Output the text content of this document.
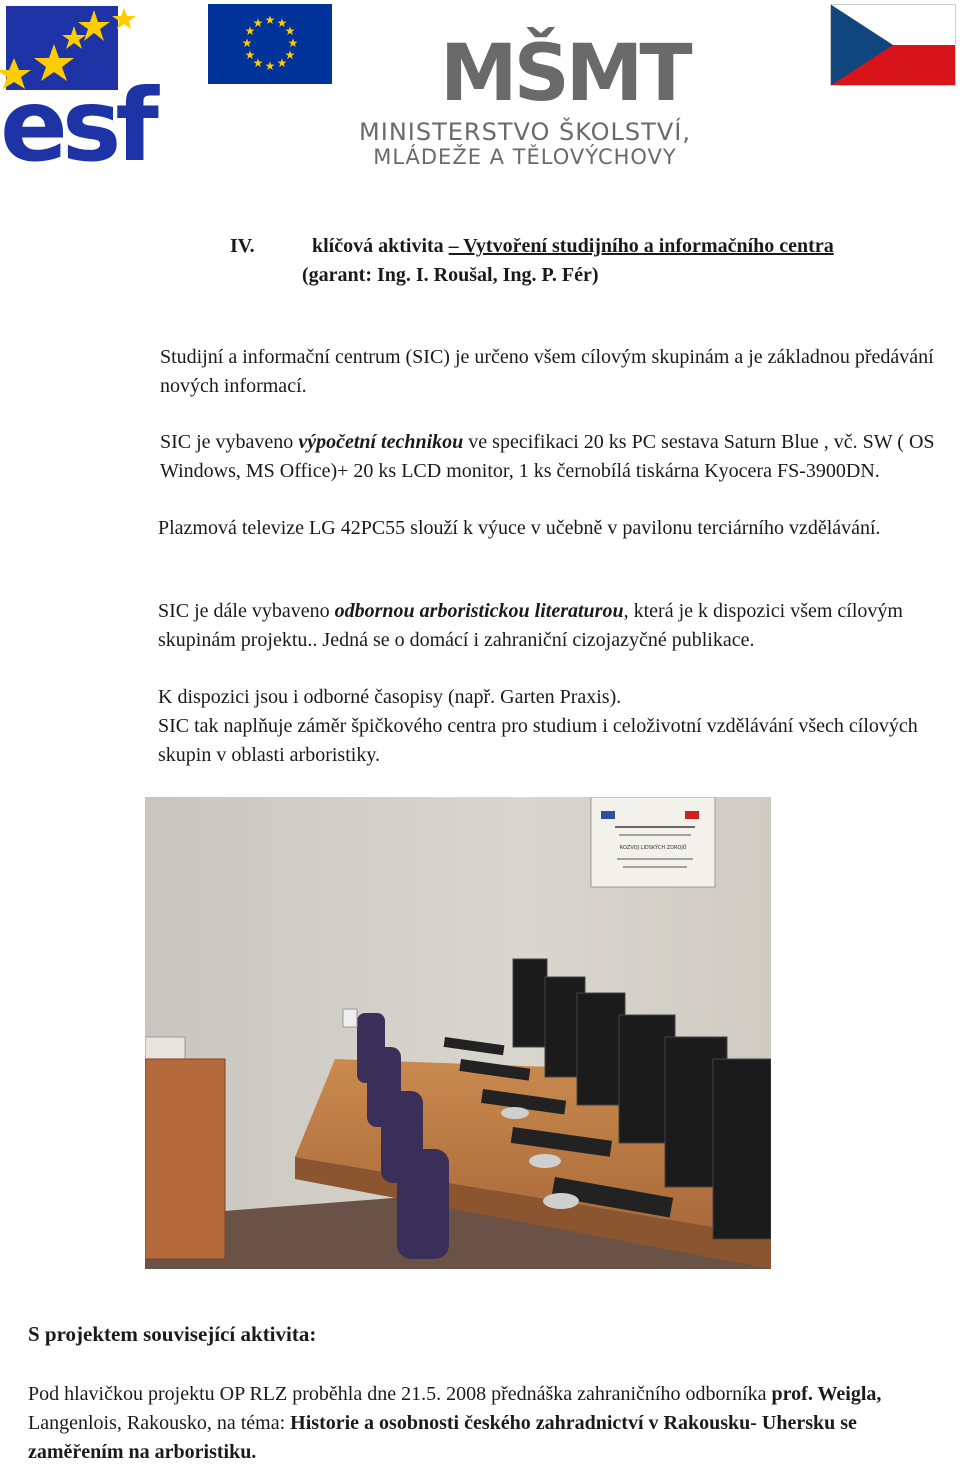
esf
★ ★
★
★
★
★
★
★
★
★
★
★
MŠMT
MINISTERSTVO ŠKOLSTVÍ,
MLÁDEŽE A TĚLOVÝCHOVY
IV.	klíčová aktivita – Vytvoření studijního a informačního centra
(garant: Ing. I. Roušal, Ing. P. Fér)
Studijní a informační centrum (SIC) je určeno všem cílovým skupinám a je základnou předávání nových informací.
SIC je vybaveno výpočetní technikou ve specifikaci 20 ks PC sestava Saturn Blue , vč. SW ( OS Windows, MS Office)+ 20 ks LCD monitor, 1 ks černobílá tiskárna Kyocera FS-3900DN.
Plazmová televize LG 42PC55 slouží k výuce v učebně v pavilonu terciárního vzdělávání.
SIC je dále vybaveno odbornou arboristickou literaturou, která je k dispozici všem cílovým skupinám projektu.. Jedná se o domácí i zahraniční cizojazyčné publikace.
K dispozici jsou i odborné časopisy (např. Garten Praxis).
SIC tak naplňuje záměr špičkového centra pro studium i celoživotní vzdělávání všech cílových skupin v oblasti arboristiky.
ROZVOJ LIDSKÝCH ZDROJŮ
S projektem související aktivita:
Pod hlavičkou projektu OP RLZ proběhla dne 21.5. 2008 přednáška zahraničního odborníka prof. Weigla, Langenlois, Rakousko, na téma: Historie a osobnosti českého zahradnictví v Rakousku- Uhersku se zaměřením na arboristiku.
